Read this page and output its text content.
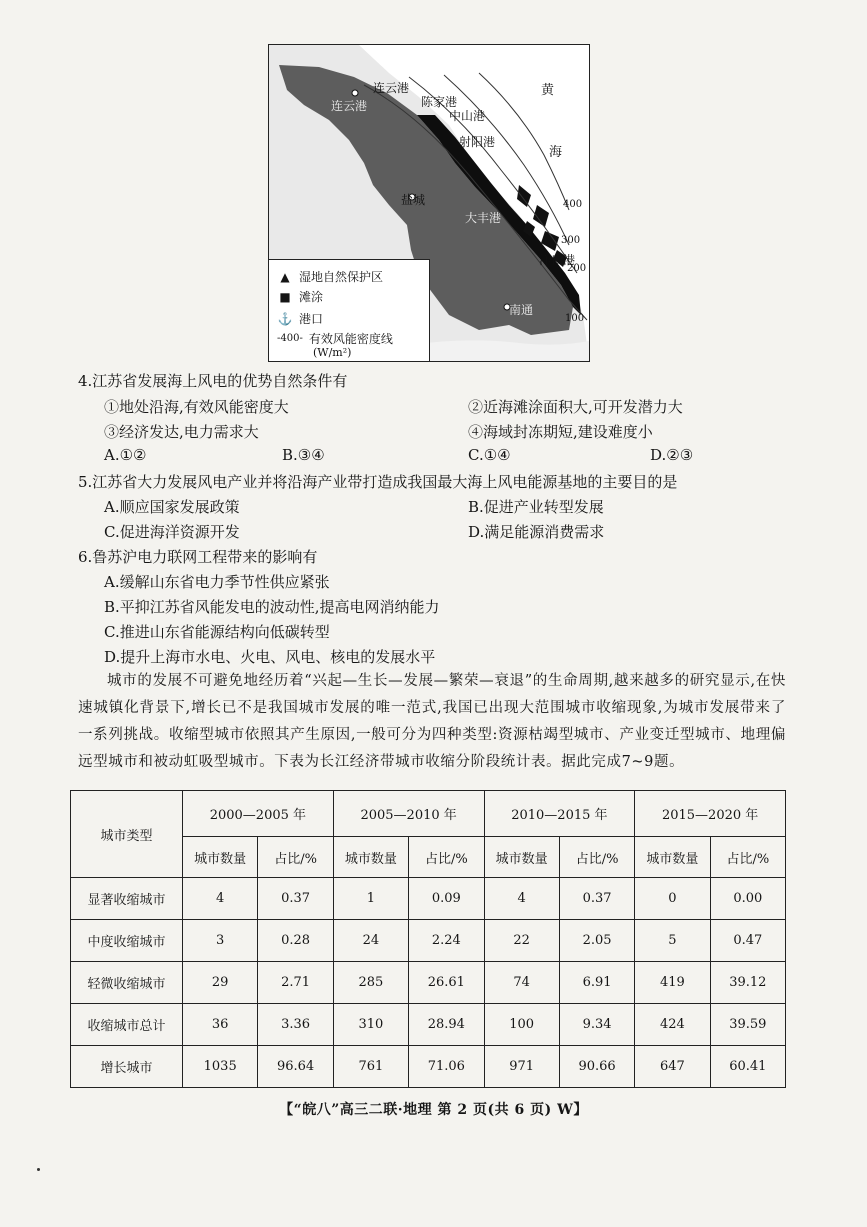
连云港
连云港
陈家港
中山港
射阳港
盐城
大丰港
洋口港
南通
黄
海
400
300
200
100
▲ 湿地自然保护区
■ 滩涂
⚓ 港口
-400- 有效风能密度线
(W/m²)
4.江苏省发展海上风电的优势自然条件有
①地处沿海,有效风能密度大	②近海滩涂面积大,可开发潜力大
③经济发达,电力需求大	④海域封冻期短,建设难度小
A.①②	B.③④	C.①④	D.②③
5.江苏省大力发展风电产业并将沿海产业带打造成我国最大海上风电能源基地的主要目的是
A.顺应国家发展政策	B.促进产业转型发展
C.促进海洋资源开发	D.满足能源消费需求
6.鲁苏沪电力联网工程带来的影响有
A.缓解山东省电力季节性供应紧张
B.平抑江苏省风能发电的波动性,提高电网消纳能力
C.推进山东省能源结构向低碳转型
D.提升上海市水电、火电、风电、核电的发展水平
城市的发展不可避免地经历着“兴起—生长—发展—繁荣—衰退”的生命周期,越来越多的研究显示,在快速城镇化背景下,增长已不是我国城市发展的唯一范式,我国已出现大范围城市收缩现象,为城市发展带来了一系列挑战。收缩型城市依照其产生原因,一般可分为四种类型:资源枯竭型城市、产业变迁型城市、地理偏远型城市和被动虹吸型城市。下表为长江经济带城市收缩分阶段统计表。据此完成7~9题。
城市类型	2000—2005 年		2005—2010 年		2010—2015 年		2015—2020 年	
	城市数量	占比/%	城市数量	占比/%	城市数量	占比/%	城市数量	占比/%
显著收缩城市	4	0.37	1	0.09	4	0.37	0	0.00
中度收缩城市	3	0.28	24	2.24	22	2.05	5	0.47
轻微收缩城市	29	2.71	285	26.61	74	6.91	419	39.12
收缩城市总计	36	3.36	310	28.94	100	9.34	424	39.59
增长城市	1035	96.64	761	71.06	971	90.66	647	60.41
【“皖八”高三二联·地理 第 2 页(共 6 页) W】
